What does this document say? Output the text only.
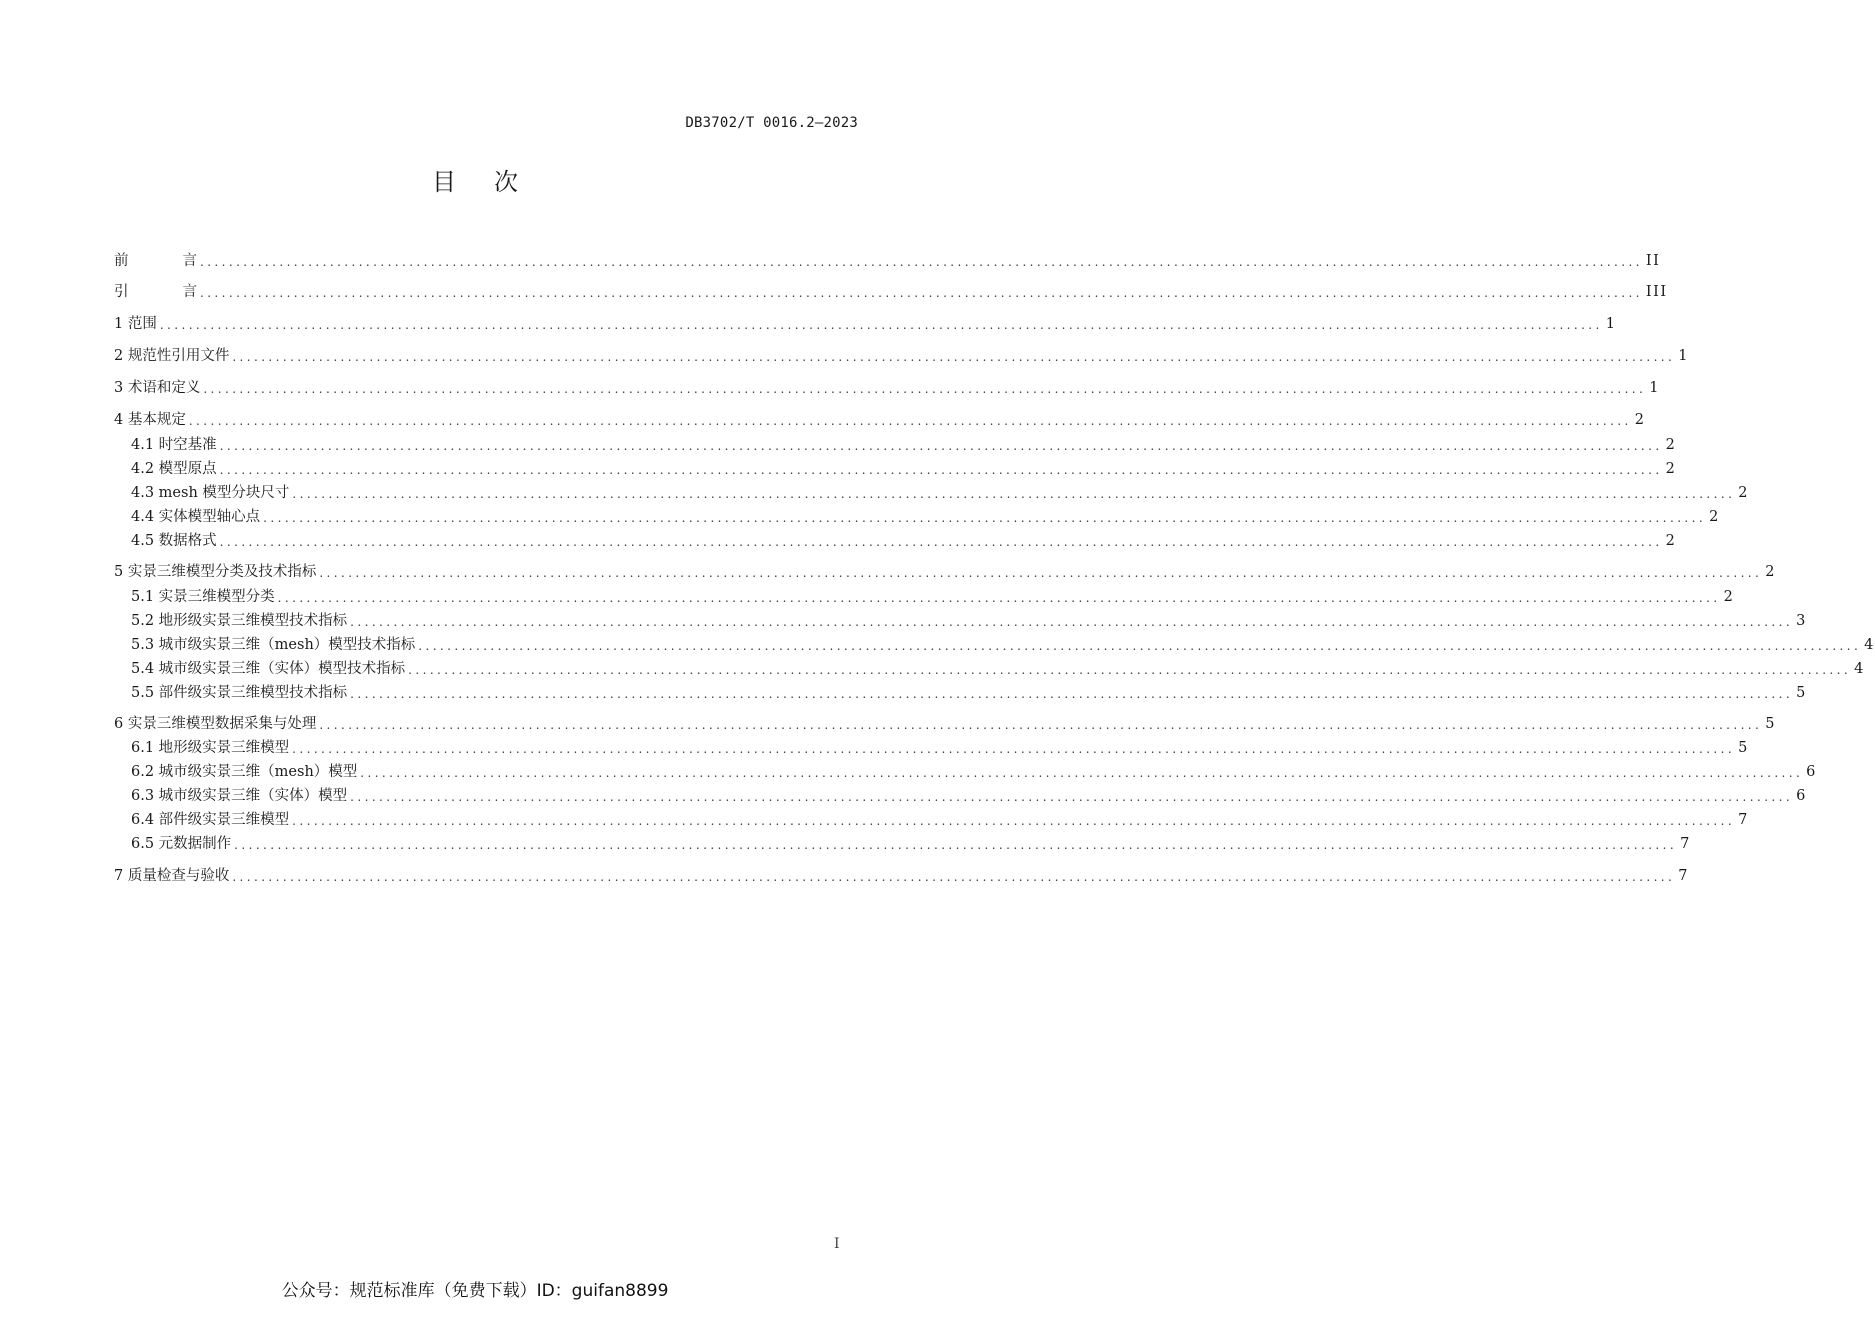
DB3702/T 0016.2—2023
目次
前言 ........................................................................................................................................................................................................ II
引言 ........................................................................................................................................................................................................ III
1 范围 ........................................................................................................................................................................................................ 1
2 规范性引用文件 ........................................................................................................................................................................................................ 1
3 术语和定义 ........................................................................................................................................................................................................ 1
4 基本规定 ........................................................................................................................................................................................................ 2
4.1 时空基准 ........................................................................................................................................................................................................ 2
4.2 模型原点 ........................................................................................................................................................................................................ 2
4.3 mesh 模型分块尺寸 ........................................................................................................................................................................................................ 2
4.4 实体模型轴心点 ........................................................................................................................................................................................................ 2
4.5 数据格式 ........................................................................................................................................................................................................ 2
5 实景三维模型分类及技术指标 ........................................................................................................................................................................................................ 2
5.1 实景三维模型分类 ........................................................................................................................................................................................................ 2
5.2 地形级实景三维模型技术指标 ........................................................................................................................................................................................................ 3
5.3 城市级实景三维（mesh）模型技术指标 ........................................................................................................................................................................................................ 4
5.4 城市级实景三维（实体）模型技术指标 ........................................................................................................................................................................................................ 4
5.5 部件级实景三维模型技术指标 ........................................................................................................................................................................................................ 5
6 实景三维模型数据采集与处理 ........................................................................................................................................................................................................ 5
6.1 地形级实景三维模型 ........................................................................................................................................................................................................ 5
6.2 城市级实景三维（mesh）模型 ........................................................................................................................................................................................................ 6
6.3 城市级实景三维（实体）模型 ........................................................................................................................................................................................................ 6
6.4 部件级实景三维模型 ........................................................................................................................................................................................................ 7
6.5 元数据制作 ........................................................................................................................................................................................................ 7
7 质量检查与验收 ........................................................................................................................................................................................................ 7
I
公众号：规范标准库（免费下载）ID：guifan8899
